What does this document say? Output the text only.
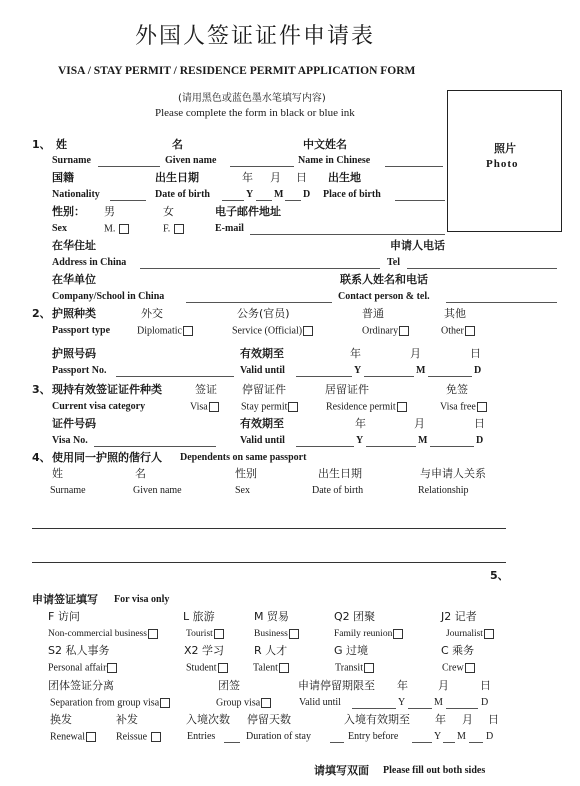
外国人签证证件申请表
VISA / STAY PERMIT / RESIDENCE PERMIT APPLICATION FORM
(请用黑色或蓝色墨水笔填写内容)
Please complete the form in black or blue ink
照片
Photo
1、 姓	名	中文姓名
Surname	Given name	Name in Chinese
国籍	出生日期	年 月 日 出生地
Nationality	Date of birth	Y M D Place of birth
性别： 男	女	电子邮件地址
Sex	M.	F.	E-mail
在华住址	申请人电话
Address in China	Tel
在华单位	联系人姓名和电话
Company/School in China	Contact person & tel.
2、 护照种类	外交	公务(官员)	普通	其他
Passport type	Diplomatic	Service (Official)	Ordinary	Other
护照号码	有效期至	年	月	日
Passport No.	Valid until	Y	M	D
3、 现持有效签证证件种类	签证 停留证件	居留证件	免签
Current visa category	Visa	Stay permit	Residence permit	Visa free
证件号码	有效期至	年	月	日
Visa No.	Valid until	Y	M	D
4、 使用同一护照的偕行人 Dependents on same passport
姓	名	性别	出生日期	与申请人关系
Surname	Given name	Sex	Date of birth	Relationship
5、
申请签证填写 For visa only
F 访问	L 旅游	M 贸易	Q2 团聚	J2 记者
Non-commercial business	Tourist	Business	Family reunion	Journalist
S2 私人事务	X2 学习	R 人才	G 过境	C 乘务
Personal affair	Student	Talent	Transit	Crew
团体签证分离	团签	申请停留期限至 年	月	日
Separation from group visa	Group visa	Valid until	Y	M	D
换发	补发	入境次数 停留天数	入境有效期至 年 月 日
Renewal	Reissue	Entries	Duration of stay	Entry before	Y M D
请填写双面 Please fill out both sides
